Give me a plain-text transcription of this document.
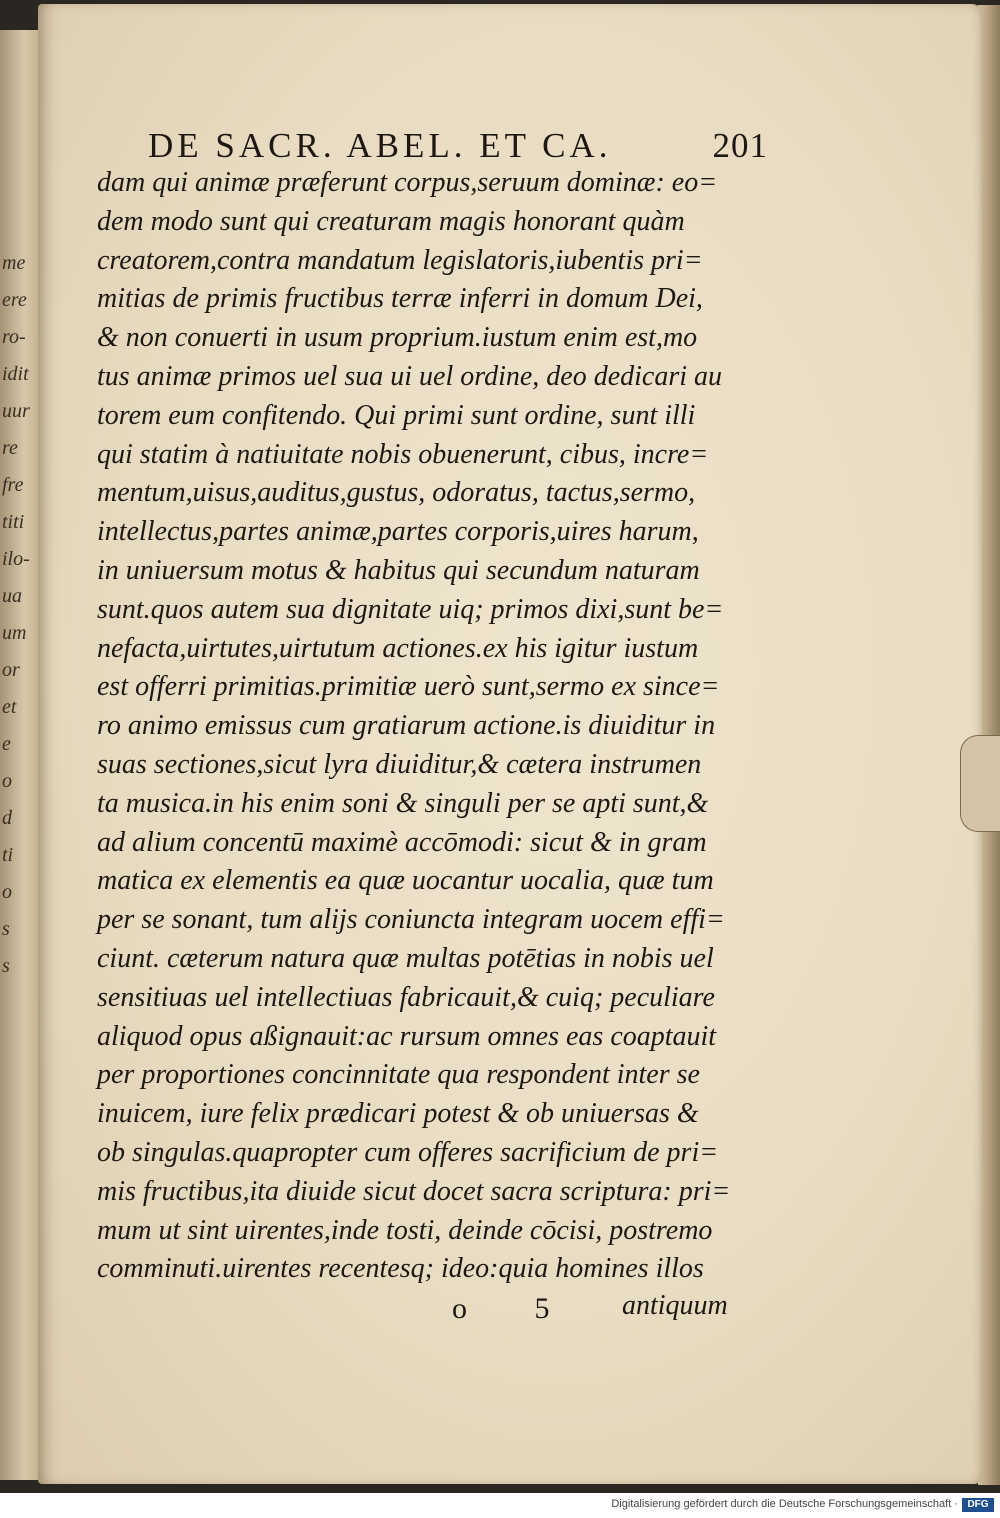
me
ere
ro-
idit
uur
re
fre
titi
ilo-
ua
um
or
et
e
o
d
ti
o
s
s
DE SACR. ABEL. ET CA.	201
dam qui animæ præferunt corpus,seruum dominæ: eo=
dem modo sunt qui creaturam magis honorant quàm
creatorem,contra mandatum legislatoris,iubentis pri=
mitias de primis fructibus terræ inferri in domum Dei,
& non conuerti in usum proprium.iustum enim est,mo
tus animæ primos uel sua ui uel ordine, deo dedicari au
torem eum confitendo. Qui primi sunt ordine, sunt illi
qui statim à natiuitate nobis obuenerunt, cibus, incre=
mentum,uisus,auditus,gustus, odoratus, tactus,sermo,
intellectus,partes animæ,partes corporis,uires harum,
in uniuersum motus & habitus qui secundum naturam
sunt.quos autem sua dignitate uiq; primos dixi,sunt be=
nefacta,uirtutes,uirtutum actiones.ex his igitur iustum
est offerri primitias.primitiæ uerò sunt,sermo ex since=
ro animo emissus cum gratiarum actione.is diuiditur in
suas sectiones,sicut lyra diuiditur,& cætera instrumen
ta musica.in his enim soni & singuli per se apti sunt,&
ad alium concentū maximè accōmodi: sicut & in gram
matica ex elementis ea quæ uocantur uocalia, quæ tum
per se sonant, tum alijs coniuncta integram uocem effi=
ciunt. cæterum natura quæ multas potētias in nobis uel
sensitiuas uel intellectiuas fabricauit,& cuiq; peculiare
aliquod opus aßignauit:ac rursum omnes eas coaptauit
per proportiones concinnitate qua respondent inter se
inuicem, iure felix prædicari potest & ob uniuersas &
ob singulas.quapropter cum offeres sacrificium de pri=
mis fructibus,ita diuide sicut docet sacra scriptura: pri=
mum ut sint uirentes,inde tosti, deinde cōcisi, postremo
comminuti.uirentes recentesq; ideo:quia homines illos
o 5 antiquum
Digitalisierung gefördert durch die Deutsche Forschungsgemeinschaft · DFG
